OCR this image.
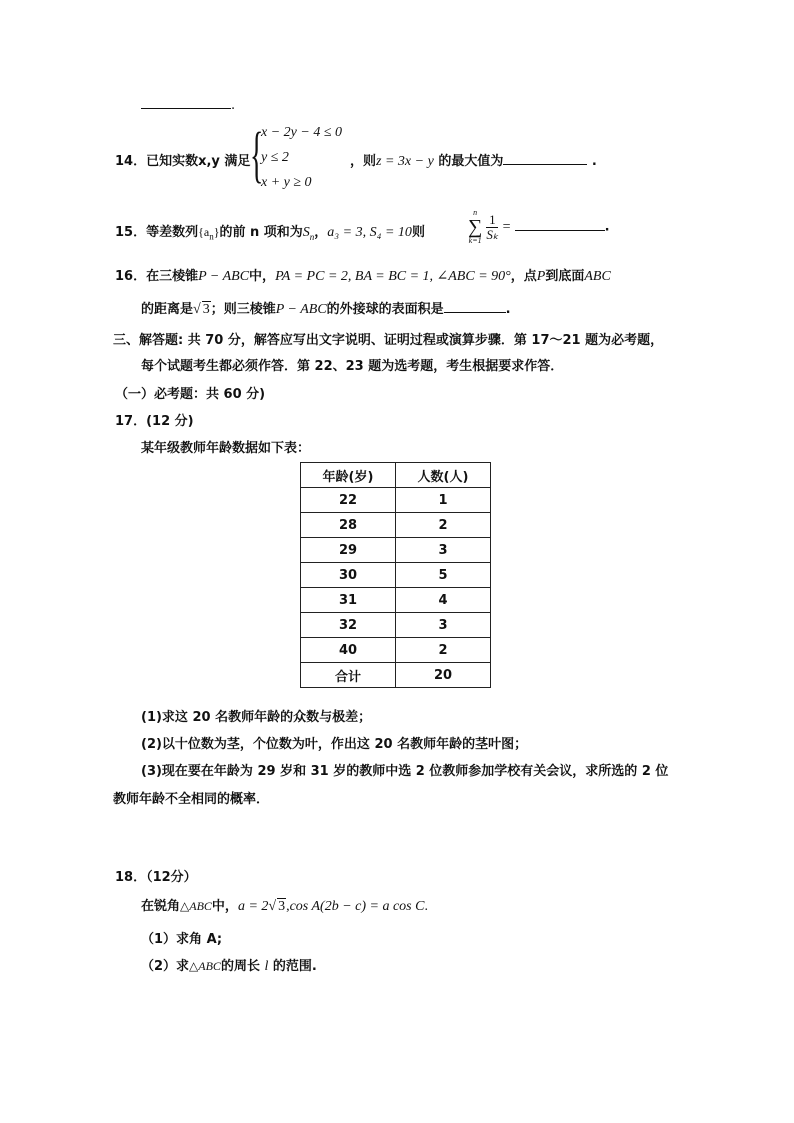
.
14．已知实数x,y 满足 {
x − 2y − 4 ≤ 0
y ≤ 2
x + y ≥ 0
，则z = 3x − y 的最大值为	.
15．等差数列$\{a_n\}$的前 n 项和为$S_n$，a₃ = 3, S₄ = 10则
n
∑
k=1
$\frac{1}{\text{Sₖ}}$ =	.
16．在三棱锥P − ABC中，PA = PC = 2, BA = BC = 1, ∠ABC = 90°，点P到底面ABC
的距离是√ 3；则三棱锥P − ABC的外接球的表面积是	.
三、解答题: 共 70 分，解答应写出文字说明、证明过程或演算步骤．第 17～21 题为必考题，
每个试题考生都必须作答．第 22、23 题为选考题，考生根据要求作答．
（一）必考题：共 60 分)
17．(12 分)
某年级教师年龄数据如下表：
年龄(岁)	人数(人)
22	1
28	2
29	3
30	5
31	4
32	3
40	2
合计	20
(1)求这 20 名教师年龄的众数与极差；
(2)以十位数为茎，个位数为叶，作出这 20 名教师年龄的茎叶图；
(3)现在要在年龄为 29 岁和 31 岁的教师中选 2 位教师参加学校有关会议，求所选的 2 位
教师年龄不全相同的概率．
18．（12分）
在锐角△ABC中，a = 2√ 3,cos A(2b − c) = a cos C.
（1）求角 A;
（2）求△ABC的周长 l 的范围.
